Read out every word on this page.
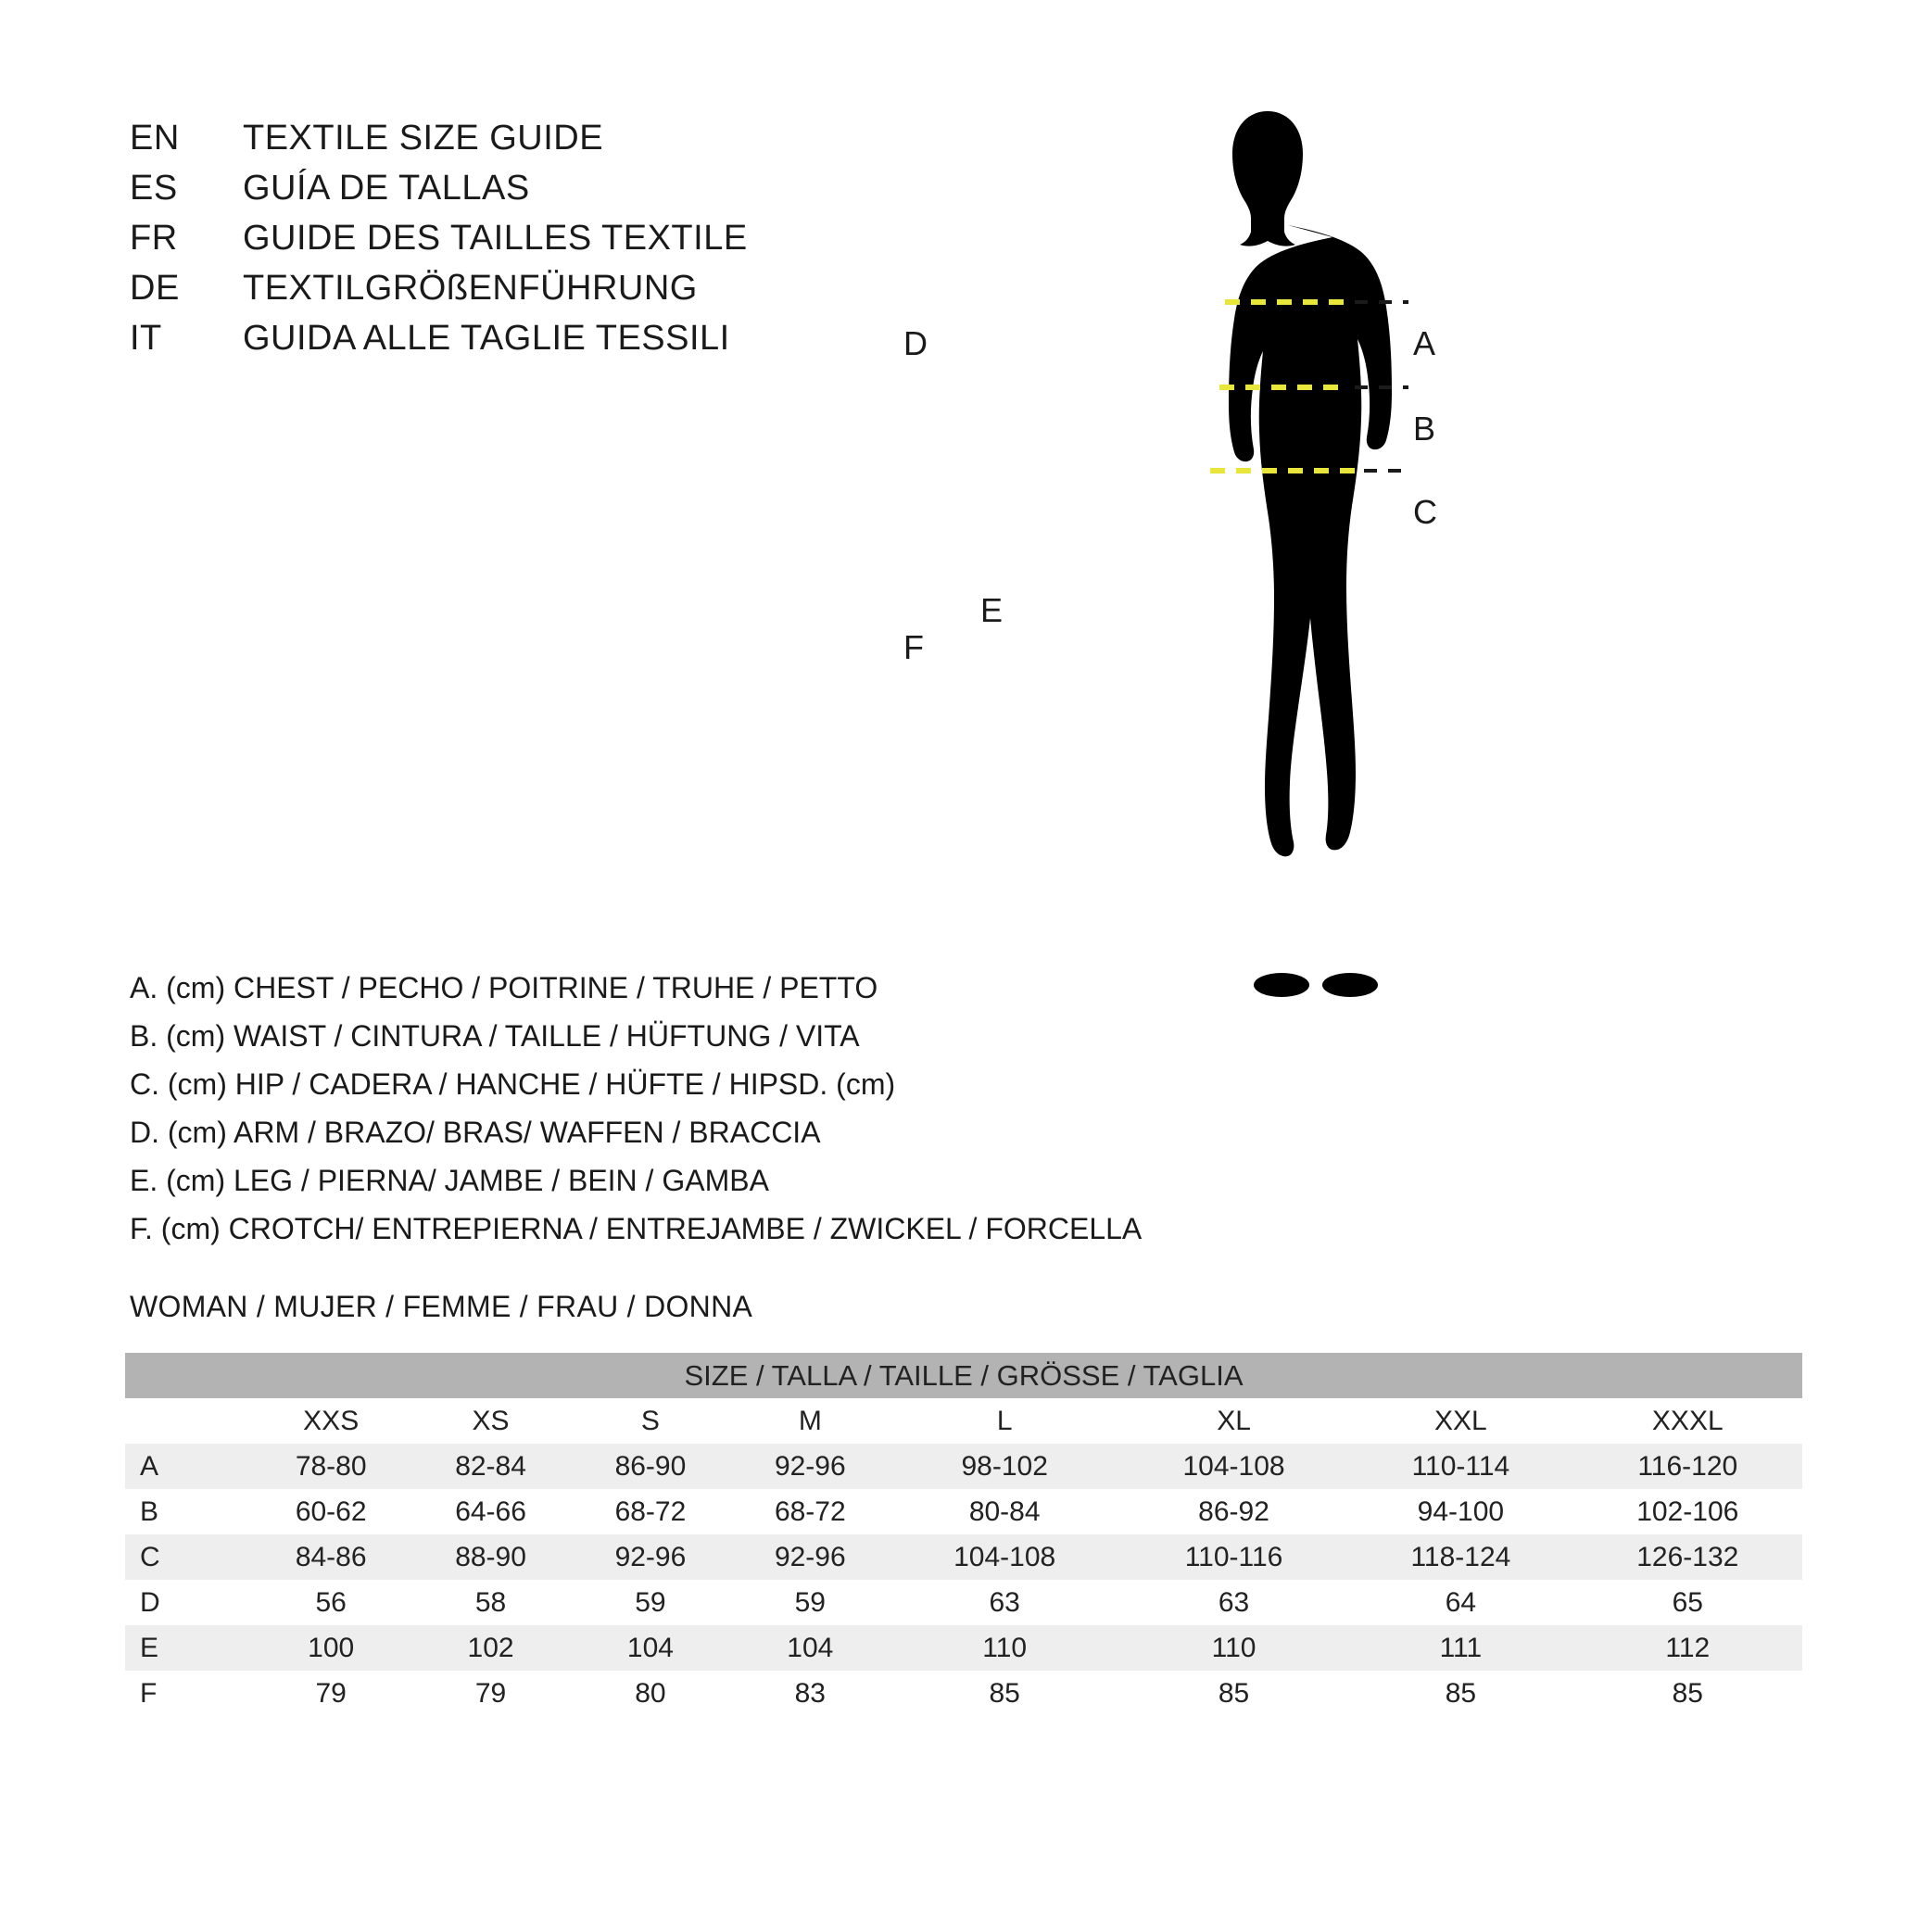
EN	TEXTILE SIZE GUIDE
ES	GUÍA DE TALLAS
FR	GUIDE DES TAILLES TEXTILE
DE	TEXTILGRÖßENFÜHRUNG
IT	GUIDA ALLE TAGLIE TESSILI	A
B
C
D
E
F
A. (cm) CHEST / PECHO / POITRINE / TRUHE / PETTO
B. (cm) WAIST / CINTURA / TAILLE / HÜFTUNG / VITA
C. (cm) HIP / CADERA / HANCHE / HÜFTE / HIPSD. (cm)
D. (cm) ARM / BRAZO/ BRAS/ WAFFEN / BRACCIA
E. (cm) LEG / PIERNA/ JAMBE / BEIN / GAMBA
F. (cm) CROTCH/ ENTREPIERNA / ENTREJAMBE / ZWICKEL / FORCELLA
WOMAN / MUJER / FEMME / FRAU / DONNA
SIZE / TALLA / TAILLE / GRÖSSE / TAGLIA								
	XXS	XS	S	M	L	XL	XXL	XXXL
A	78-80	82-84	86-90	92-96	98-102	104-108	110-114	116-120
B	60-62	64-66	68-72	68-72	80-84	86-92	94-100	102-106
C	84-86	88-90	92-96	92-96	104-108	110-116	118-124	126-132
D	56	58	59	59	63	63	64	65
E	100	102	104	104	110	110	111	112
F	79	79	80	83	85	85	85	85
